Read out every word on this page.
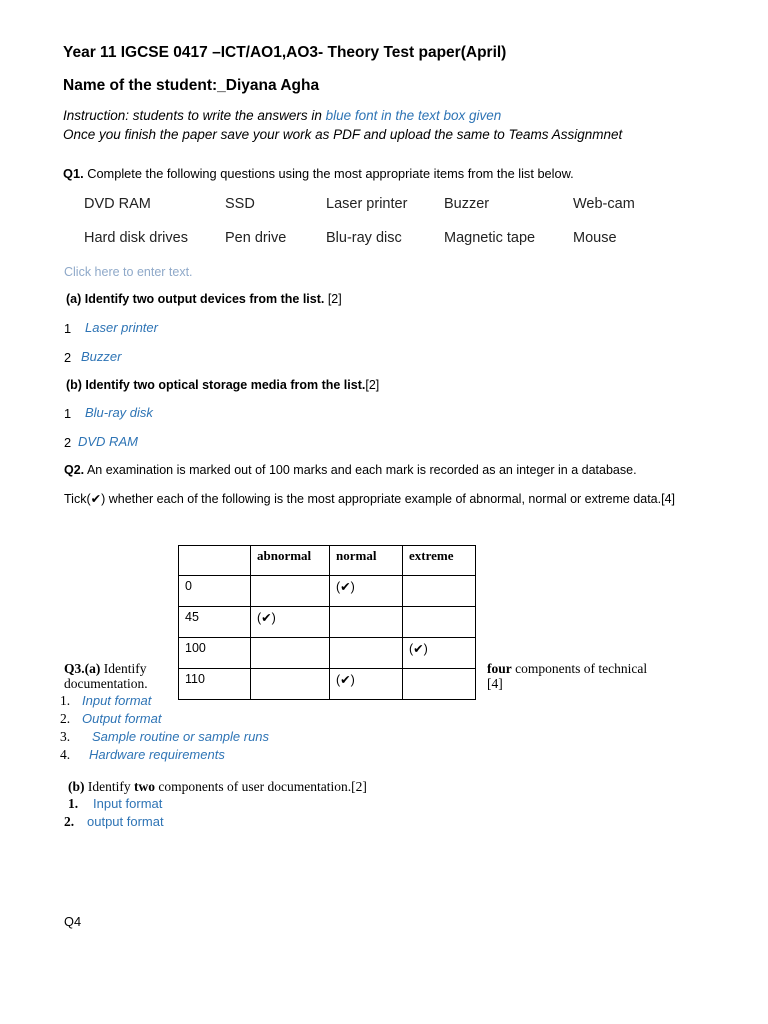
Year 11 IGCSE 0417 –ICT/AO1,AO3- Theory Test paper(April)
Name of the student:_Diyana Agha
Instruction: students to write the answers in blue font in the text box given
Once you finish the paper save your work as PDF and upload the same to Teams Assignmnet
Q1. Complete the following questions using the most appropriate items from the list below.
DVD RAM	SSD	Laser printer	Buzzer	Web-cam
Hard disk drives	Pen drive	Blu-ray disc	Magnetic tape	Mouse
Click here to enter text.
(a) Identify two output devices from the list. [2]
1 Laser printer
2 Buzzer
(b) Identify two optical storage media from the list.[2]
1 Blu-ray disk
2 DVD RAM
Q2. An examination is marked out of 100 marks and each mark is recorded as an integer in a database.
Tick(✔) whether each of the following is the most appropriate example of abnormal, normal or extreme data.[4]
	abnormal	normal	extreme
0		(✔)	
45	(✔)		
100			(✔)
110		(✔)	
Q3.(a) Identify
documentation.
four components of technical
[4]
1. Input format
2. Output format
3. Sample routine or sample runs
4. Hardware requirements
(b) Identify two components of user documentation.[2]
1. Input format
2. output format
Q4
